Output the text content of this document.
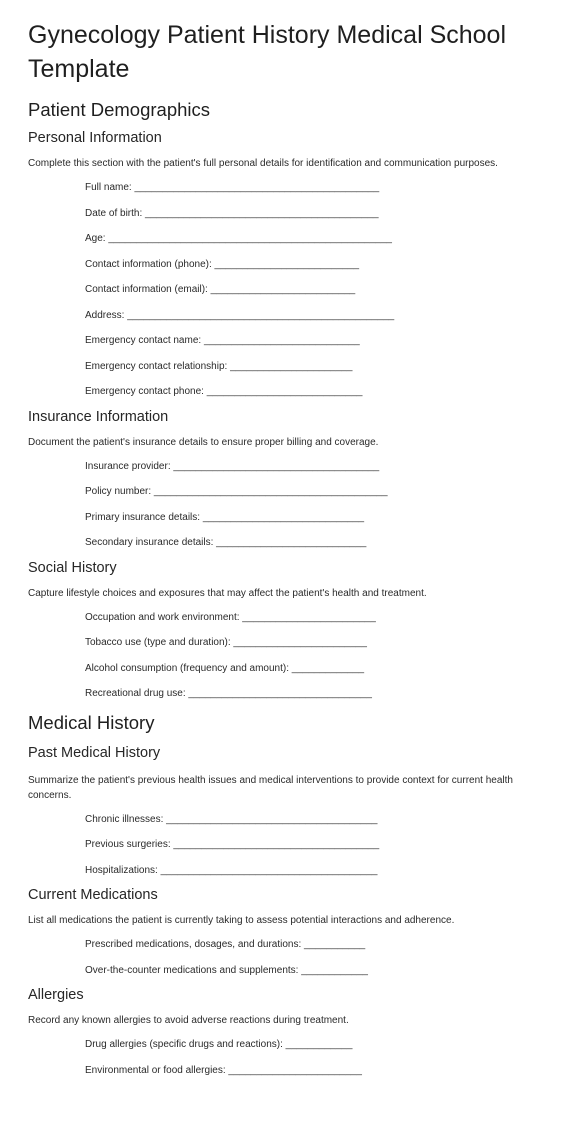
Gynecology Patient History Medical School Template
Patient Demographics
Personal Information

Complete this section with the patient's full personal details for identification and communication purposes.

Full name: ____________________________________________
Date of birth: __________________________________________
Age: ___________________________________________________
Contact information (phone): __________________________
Contact information (email): __________________________
Address: ________________________________________________
Emergency contact name: ____________________________
Emergency contact relationship: ______________________
Emergency contact phone: ____________________________
Insurance Information

Document the patient's insurance details to ensure proper billing and coverage.

Insurance provider: _____________________________________
Policy number: __________________________________________
Primary insurance details: _____________________________
Secondary insurance details: ___________________________
Social History

Capture lifestyle choices and exposures that may affect the patient's health and treatment.

Occupation and work environment: ________________________
Tobacco use (type and duration): ________________________
Alcohol consumption (frequency and amount): _____________
Recreational drug use: _________________________________
Medical History
Past Medical History

Summarize the patient's previous health issues and medical interventions to provide context for current health concerns.

Chronic illnesses: ______________________________________
Previous surgeries: _____________________________________
Hospitalizations: _______________________________________
Current Medications

List all medications the patient is currently taking to assess potential interactions and adherence.

Prescribed medications, dosages, and durations: ___________
Over-the-counter medications and supplements: ____________
Allergies

Record any known allergies to avoid adverse reactions during treatment.

Drug allergies (specific drugs and reactions): ____________
Environmental or food allergies: ________________________
